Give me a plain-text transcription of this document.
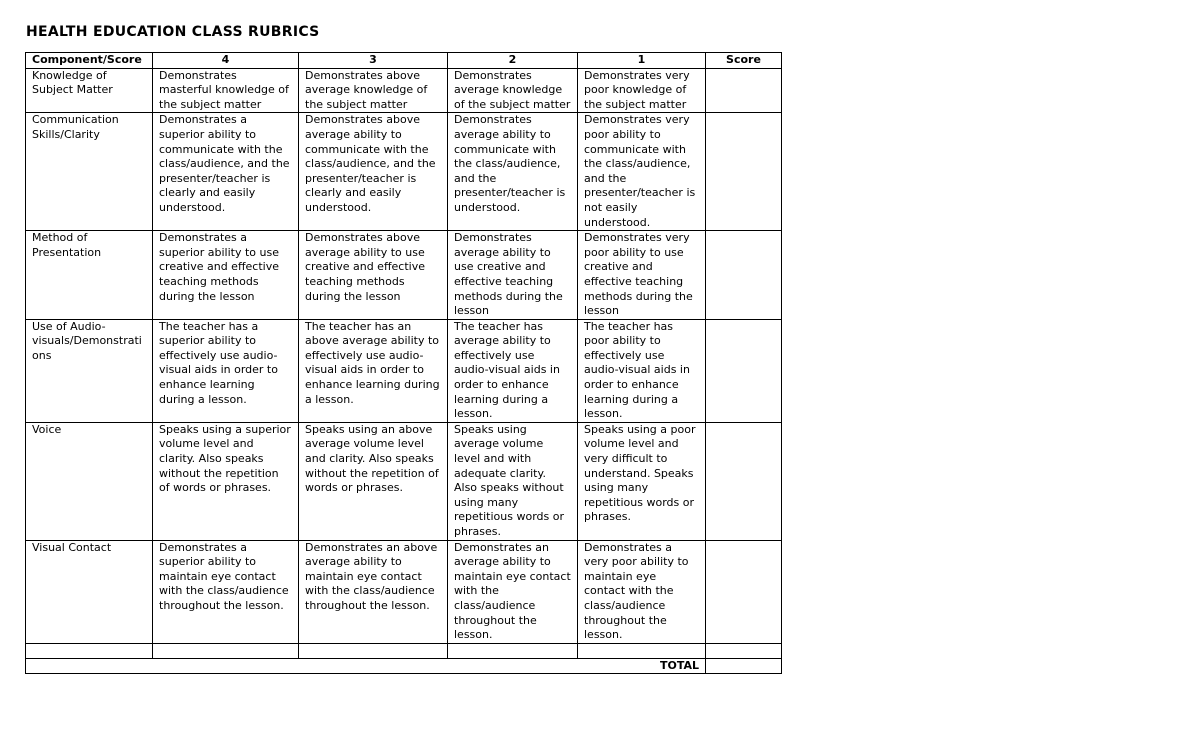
HEALTH EDUCATION CLASS RUBRICS
Component/Score	4	3	2	1	Score
Knowledge of Subject Matter	Demonstrates masterful knowledge of the subject matter	Demonstrates above average knowledge of the subject matter	Demonstrates average knowledge of the subject matter	Demonstrates very poor knowledge of the subject matter	
Communication Skills/Clarity	Demonstrates a superior ability to communicate with the class/audience, and the presenter/teacher is clearly and easily understood.	Demonstrates above average ability to communicate with the class/audience, and the presenter/teacher is clearly and easily understood.	Demonstrates average ability to communicate with the class/audience, and the presenter/teacher is understood.	Demonstrates very poor ability to communicate with the class/audience, and the presenter/teacher is not easily understood.	
Method of Presentation	Demonstrates a superior ability to use creative and effective teaching methods during the lesson	Demonstrates above average ability to use creative and effective teaching methods during the lesson	Demonstrates average ability to use creative and effective teaching methods during the lesson	Demonstrates very poor ability to use creative and effective teaching methods during the lesson	
Use of Audio-visuals/Demonstrations	The teacher has a superior ability to effectively use audio-visual aids in order to enhance learning during a lesson.	The teacher has an above average ability to effectively use audio-visual aids in order to enhance learning during a lesson.	The teacher has average ability to effectively use audio-visual aids in order to enhance learning during a lesson.	The teacher has poor ability to effectively use audio-visual aids in order to enhance learning during a lesson.	
Voice	Speaks using a superior volume level and clarity. Also speaks without the repetition of words or phrases.	Speaks using an above average volume level and clarity. Also speaks without the repetition of words or phrases.	Speaks using average volume level and with adequate clarity. Also speaks without using many repetitious words or phrases.	Speaks using a poor volume level and very difficult to understand. Speaks using many repetitious words or phrases.	
Visual Contact	Demonstrates a superior ability to maintain eye contact with the class/audience throughout the lesson.	Demonstrates an above average ability to maintain eye contact with the class/audience throughout the lesson.	Demonstrates an average ability to maintain eye contact with the class/audience throughout the lesson.	Demonstrates a very poor ability to maintain eye contact with the class/audience throughout the lesson.	

TOTAL					
